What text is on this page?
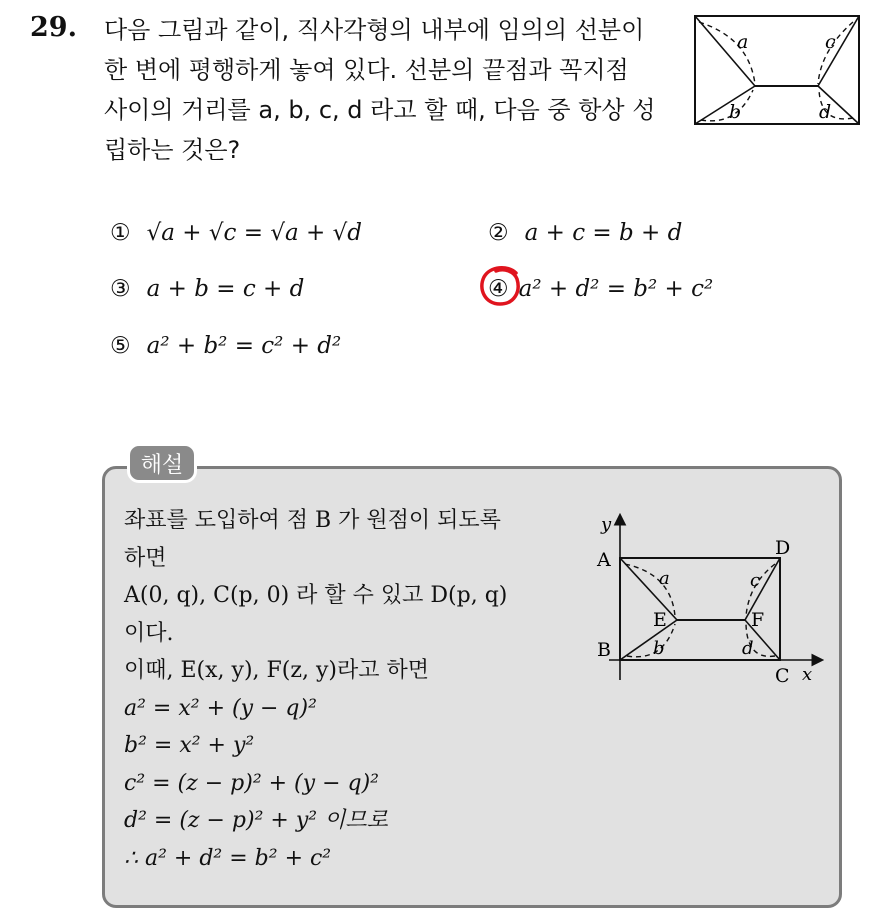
29. 다음 그림과 같이, 직사각형의 내부에 임의의 선분이
한 변에 평행하게 놓여 있다. 선분의 끝점과 꼭지점
사이의 거리를 a, b, c, d 라고 할 때, 다음 중 항상 성
립하는 것은?
a	c
b	d
① √a + √c = √a + √d	② a + c = b + d
③ a + b = c + d	④ a² + d² = b² + c²
⑤ a² + b² = c² + d²
해설
좌표를 도입하여 점 B 가 원점이 되도록
하면
A(0, q), C(p, 0) 라 할 수 있고 D(p, q)
이다.
이때, E(x, y), F(z, y)라고 하면
a² = x² + (y − q)²
b² = x² + y²
c² = (z − p)² + (y − q)²
d² = (z − p)² + y² 이므로
∴ a² + d² = b² + c²
y
x
A
B
C
D
E	F
a	c
b	d
